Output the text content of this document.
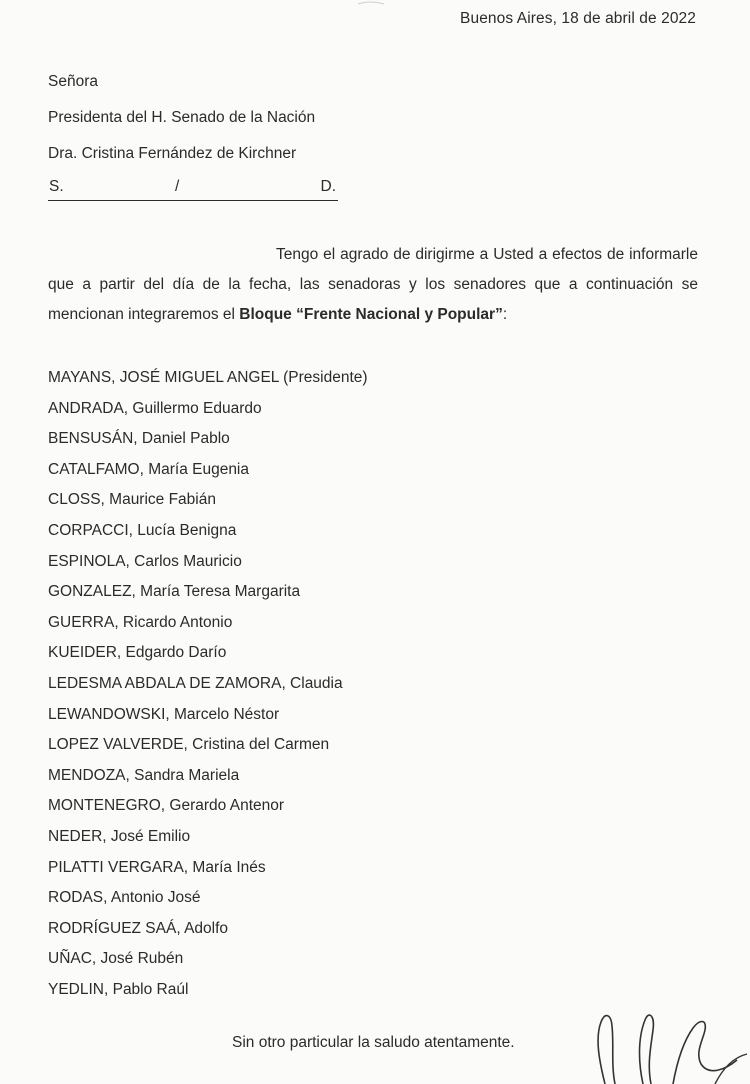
Buenos Aires, 18 de abril de 2022
Señora
Presidenta del H. Senado de la Nación
Dra. Cristina Fernández de Kirchner
S.	/	D.
Tengo el agrado de dirigirme a Usted a efectos de informarle que a partir del día de la fecha, las senadoras y los senadores que a continuación se mencionan integraremos el Bloque “Frente Nacional y Popular”:
MAYANS, JOSÉ MIGUEL ANGEL (Presidente)
ANDRADA, Guillermo Eduardo
BENSUSÁN, Daniel Pablo
CATALFAMO, María Eugenia
CLOSS, Maurice Fabián
CORPACCI, Lucía Benigna
ESPINOLA, Carlos Mauricio
GONZALEZ, María Teresa Margarita
GUERRA, Ricardo Antonio
KUEIDER, Edgardo Darío
LEDESMA ABDALA DE ZAMORA, Claudia
LEWANDOWSKI, Marcelo Néstor
LOPEZ VALVERDE, Cristina del Carmen
MENDOZA, Sandra Mariela
MONTENEGRO, Gerardo Antenor
NEDER, José Emilio
PILATTI VERGARA, María Inés
RODAS, Antonio José
RODRÍGUEZ SAÁ, Adolfo
UÑAC, José Rubén
YEDLIN, Pablo Raúl
Sin otro particular la saludo atentamente.
